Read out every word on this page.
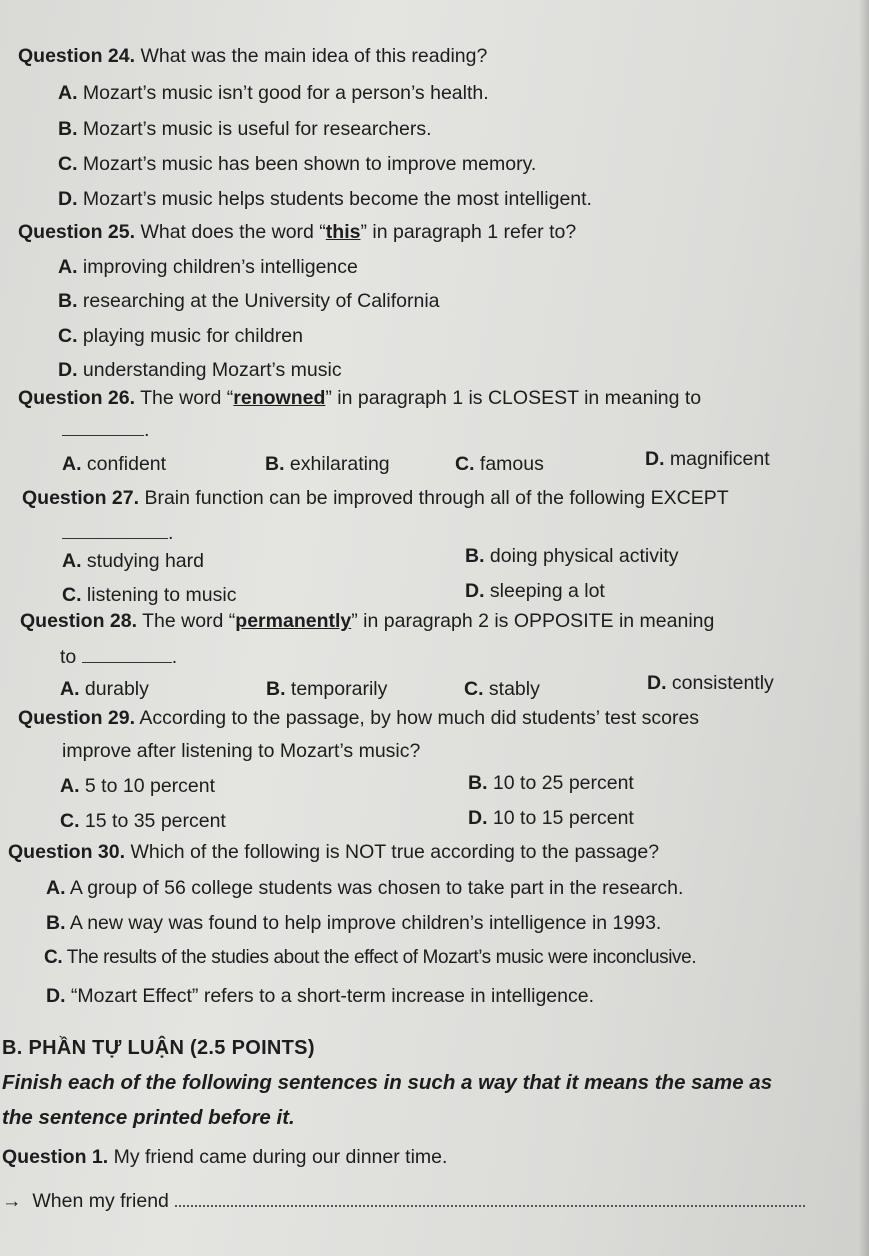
Question 24. What was the main idea of this reading?
A. Mozart’s music isn’t good for a person’s health.
B. Mozart’s music is useful for researchers.
C. Mozart’s music has been shown to improve memory.
D. Mozart’s music helps students become the most intelligent.
Question 25. What does the word “this” in paragraph 1 refer to?
A. improving children’s intelligence
B. researching at the University of California
C. playing music for children
D. understanding Mozart’s music
Question 26. The word “renowned” in paragraph 1 is CLOSEST in meaning to
.
A. confident	B. exhilarating	C. famous	D. magnificent
Question 27. Brain function can be improved through all of the following EXCEPT
.
A. studying hard	B. doing physical activity
C. listening to music	D. sleeping a lot
Question 28. The word “permanently” in paragraph 2 is OPPOSITE in meaning
to	.
A. durably	B. temporarily	C. stably	D. consistently
Question 29. According to the passage, by how much did students’ test scores
improve after listening to Mozart’s music?
A. 5 to 10 percent	B. 10 to 25 percent
C. 15 to 35 percent	D. 10 to 15 percent
Question 30. Which of the following is NOT true according to the passage?
A. A group of 56 college students was chosen to take part in the research.
B. A new way was found to help improve children’s intelligence in 1993.
C. The results of the studies about the effect of Mozart’s music were inconclusive.
D. “Mozart Effect” refers to a short-term increase in intelligence.
B. PHẦN TỰ LUẬN (2.5 POINTS)
Finish each of the following sentences in such a way that it means the same as
the sentence printed before it.
Question 1. My friend came during our dinner time.
→ When my friend
